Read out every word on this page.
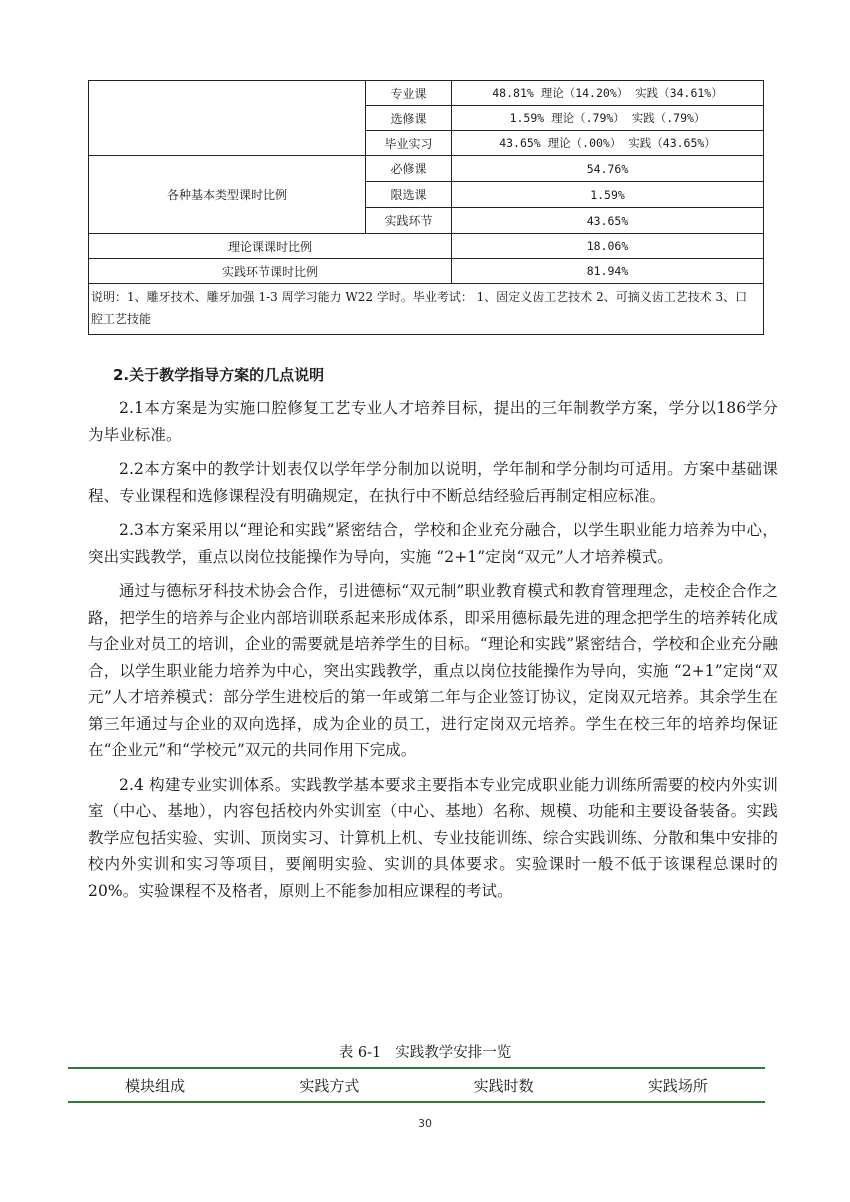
	专业课	48.81% 理论（14.20%） 实践（34.61%）
	选修课	1.59% 理论（.79%） 实践（.79%）
	毕业实习	43.65% 理论（.00%） 实践（43.65%）
各种基本类型课时比例	必修课	54.76%
	限选课	1.59%
	实践环节	43.65%
理论课课时比例		18.06%
实践环节课时比例		81.94%
说明：1、雕牙技术、雕牙加强 1-3 周学习能力 W22 学时。毕业考试： 1、固定义齿工艺技术 2、可摘义齿工艺技术 3、口腔工艺技能		
2.关于教学指导方案的几点说明

2.1本方案是为实施口腔修复工艺专业人才培养目标，提出的三年制教学方案，学分以186学分为毕业标准。

2.2本方案中的教学计划表仅以学年学分制加以说明，学年制和学分制均可适用。方案中基础课程、专业课程和选修课程没有明确规定，在执行中不断总结经验后再制定相应标准。

2.3本方案采用以“理论和实践”紧密结合，学校和企业充分融合，以学生职业能力培养为中心，突出实践教学，重点以岗位技能操作为导向，实施 “2+1”定岗“双元”人才培养模式。

通过与德标牙科技术协会合作，引进德标“双元制”职业教育模式和教育管理理念，走校企合作之路，把学生的培养与企业内部培训联系起来形成体系，即采用德标最先进的理念把学生的培养转化成与企业对员工的培训，企业的需要就是培养学生的目标。“理论和实践”紧密结合，学校和企业充分融合，以学生职业能力培养为中心，突出实践教学，重点以岗位技能操作为导向，实施 “2+1”定岗“双元”人才培养模式：部分学生进校后的第一年或第二年与企业签订协议，定岗双元培养。其余学生在第三年通过与企业的双向选择，成为企业的员工，进行定岗双元培养。学生在校三年的培养均保证在“企业元”和“学校元”双元的共同作用下完成。

2.4 构建专业实训体系。实践教学基本要求主要指本专业完成职业能力训练所需要的校内外实训室（中心、基地），内容包括校内外实训室（中心、基地）名称、规模、功能和主要设备装备。实践教学应包括实验、实训、顶岗实习、计算机上机、专业技能训练、综合实践训练、分散和集中安排的校内外实训和实习等项目，要阐明实验、实训的具体要求。实验课时一般不低于该课程总课时的 20%。实验课程不及格者，原则上不能参加相应课程的考试。

表 6-1 实践教学安排一览
模块组成	实践方式	实践时数	实践场所
30
